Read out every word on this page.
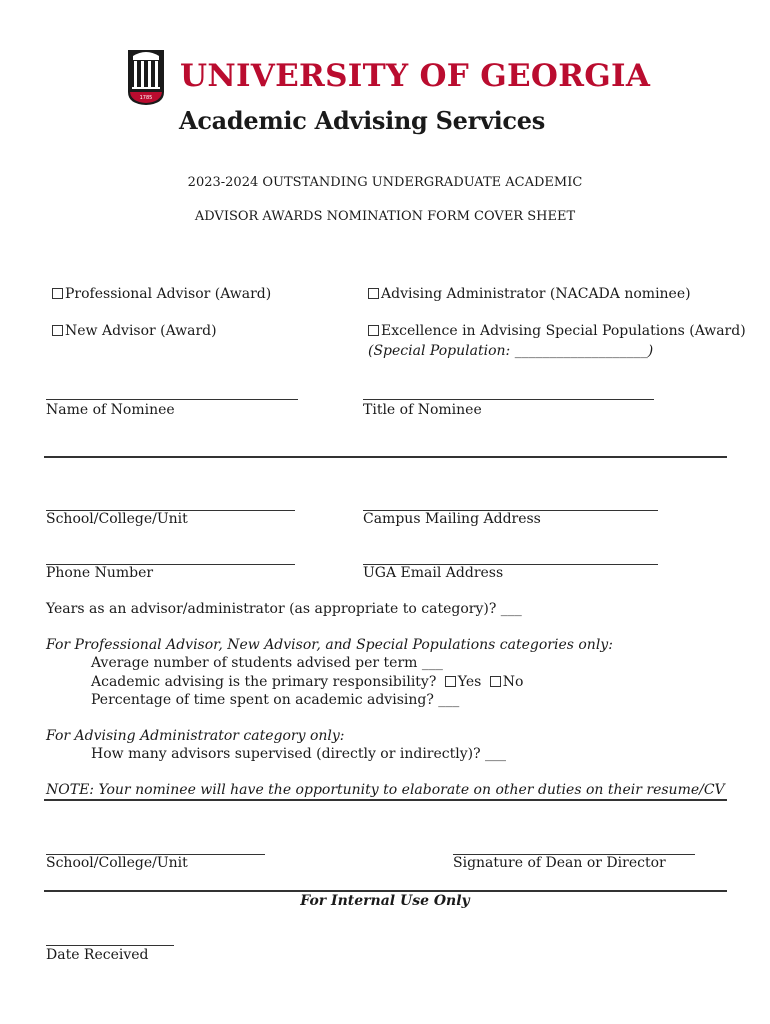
1785
UNIVERSITY OF GEORGIA
Academic Advising Services
2023-2024 OUTSTANDING UNDERGRADUATE ACADEMIC
ADVISOR AWARDS NOMINATION FORM COVER SHEET
Professional Advisor (Award)	Advising Administrator (NACADA nominee)
New Advisor (Award)	Excellence in Advising Special Populations (Award)
(Special Population: ___________________)
Name of Nominee	Title of Nominee
School/College/Unit	Campus Mailing Address
Phone Number	UGA Email Address
Years as an advisor/administrator (as appropriate to category)? ___
For Professional Advisor, New Advisor, and Special Populations categories only:
Average number of students advised per term ___
Academic advising is the primary responsibility? Yes No
Percentage of time spent on academic advising? ___
For Advising Administrator category only:
How many advisors supervised (directly or indirectly)? ___
NOTE: Your nominee will have the opportunity to elaborate on other duties on their resume/CV
School/College/Unit	Signature of Dean or Director
For Internal Use Only
Date Received
